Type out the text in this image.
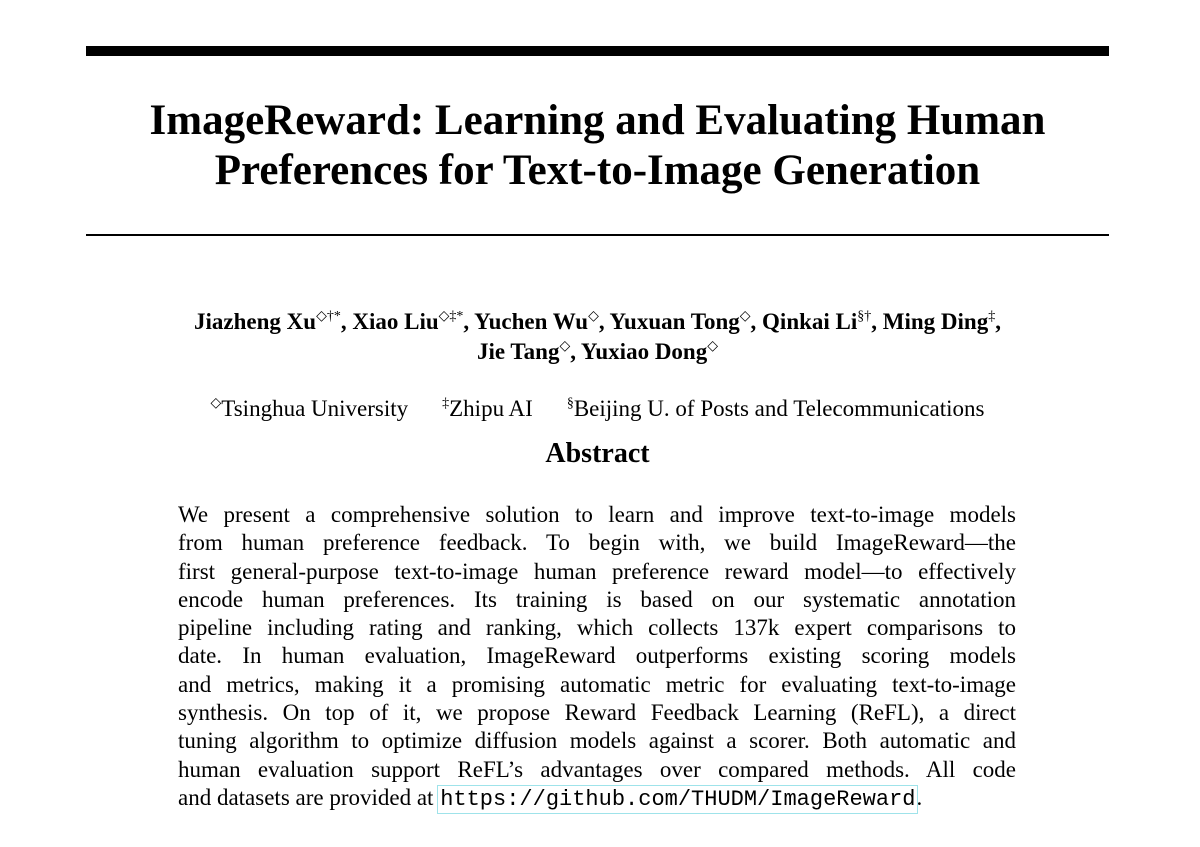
ImageReward: Learning and Evaluating Human
Preferences for Text-to-Image Generation
Jiazheng Xu◇†*, Xiao Liu◇‡*, Yuchen Wu◇, Yuxuan Tong◇, Qinkai Li§†, Ming Ding‡,
Jie Tang◇, Yuxiao Dong◇
◇Tsinghua University ‡Zhipu AI §Beijing U. of Posts and Telecommunications
Abstract
We present a comprehensive solution to learn and improve text-to-image models
from human preference feedback. To begin with, we build ImageReward—the
first general-purpose text-to-image human preference reward model—to effectively
encode human preferences. Its training is based on our systematic annotation
pipeline including rating and ranking, which collects 137k expert comparisons to
date. In human evaluation, ImageReward outperforms existing scoring models
and metrics, making it a promising automatic metric for evaluating text-to-image
synthesis. On top of it, we propose Reward Feedback Learning (ReFL), a direct
tuning algorithm to optimize diffusion models against a scorer. Both automatic and
human evaluation support ReFL’s advantages over compared methods. All code
and datasets are provided at https://github.com/THUDM/ImageReward.
